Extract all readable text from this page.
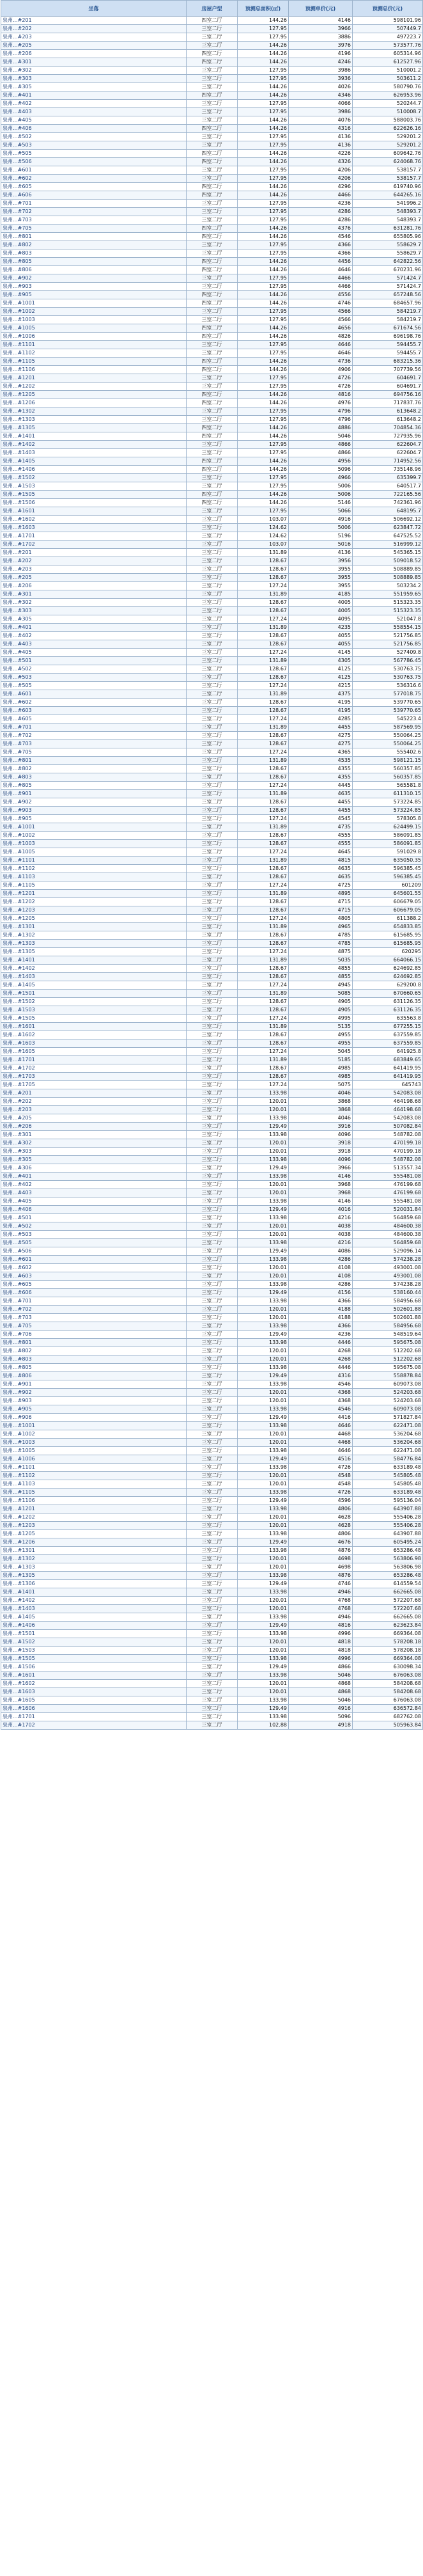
坐落	房屋户型	预测总面积(㎡)	预测单价(元)	预测总价(元)
泉州...#201	四室二厅	144.26	4146	598101.96
泉州...#202	三室二厅	127.95	3966	507449.7
泉州...#203	三室二厅	127.95	3886	497223.7
泉州...#205	三室二厅	144.26	3976	573577.76
泉州...#206	四室二厅	144.26	4196	605314.96
泉州...#301	四室二厅	144.26	4246	612527.96
泉州...#302	三室二厅	127.95	3986	510001.2
泉州...#303	三室二厅	127.95	3936	503611.2
泉州...#305	三室二厅	144.26	4026	580790.76
泉州...#401	四室二厅	144.26	4346	626953.96
泉州...#402	三室二厅	127.95	4066	520244.7
泉州...#403	三室二厅	127.95	3986	510008.7
泉州...#405	三室二厅	144.26	4076	588003.76
泉州...#406	四室二厅	144.26	4316	622626.16
泉州...#502	三室二厅	127.95	4136	529201.2
泉州...#503	三室二厅	127.95	4136	529201.2
泉州...#505	四室二厅	144.26	4226	609642.76
泉州...#506	四室二厅	144.26	4326	624068.76
泉州...#601	三室二厅	127.95	4206	538157.7
泉州...#602	三室二厅	127.95	4206	538157.7
泉州...#605	四室二厅	144.26	4296	619740.96
泉州...#606	四室二厅	144.26	4466	644265.16
泉州...#701	三室二厅	127.95	4236	541996.2
泉州...#702	三室二厅	127.95	4286	548393.7
泉州...#703	三室二厅	127.95	4286	548393.7
泉州...#705	四室二厅	144.26	4376	631281.76
泉州...#801	四室二厅	144.26	4546	655805.96
泉州...#802	三室二厅	127.95	4366	558629.7
泉州...#803	三室二厅	127.95	4366	558629.7
泉州...#805	四室二厅	144.26	4456	642822.56
泉州...#806	四室二厅	144.26	4646	670231.96
泉州...#902	三室二厅	127.95	4466	571424.7
泉州...#903	三室二厅	127.95	4466	571424.7
泉州...#905	四室二厅	144.26	4556	657248.56
泉州...#1001	四室二厅	144.26	4746	684657.96
泉州...#1002	三室二厅	127.95	4566	584219.7
泉州...#1003	三室二厅	127.95	4566	584219.7
泉州...#1005	四室二厅	144.26	4656	671674.56
泉州...#1006	四室二厅	144.26	4826	696198.76
泉州...#1101	三室二厅	127.95	4646	594455.7
泉州...#1102	三室二厅	127.95	4646	594455.7
泉州...#1105	四室二厅	144.26	4736	683215.36
泉州...#1106	四室二厅	144.26	4906	707739.56
泉州...#1201	三室二厅	127.95	4726	604691.7
泉州...#1202	三室二厅	127.95	4726	604691.7
泉州...#1205	四室二厅	144.26	4816	694756.16
泉州...#1206	四室二厅	144.26	4976	717837.76
泉州...#1302	三室二厅	127.95	4796	613648.2
泉州...#1303	三室二厅	127.95	4796	613648.2
泉州...#1305	四室二厅	144.26	4886	704854.36
泉州...#1401	四室二厅	144.26	5046	727935.96
泉州...#1402	三室二厅	127.95	4866	622604.7
泉州...#1403	三室二厅	127.95	4866	622604.7
泉州...#1405	四室二厅	144.26	4956	714952.56
泉州...#1406	四室二厅	144.26	5096	735148.96
泉州...#1502	三室二厅	127.95	4966	635399.7
泉州...#1503	三室二厅	127.95	5006	640517.7
泉州...#1505	四室二厅	144.26	5006	722165.56
泉州...#1506	四室二厅	144.26	5146	742361.96
泉州...#1601	三室二厅	127.95	5066	648195.7
泉州...#1602	三室二厅	103.07	4916	506692.12
泉州...#1603	三室二厅	124.62	5006	623847.72
泉州...#1701	三室二厅	124.62	5196	647525.52
泉州...#1702	三室二厅	103.07	5016	516999.12
泉州...#201	三室二厅	131.89	4136	545365.15
泉州...#202	三室二厅	128.67	3956	509018.52
泉州...#203	三室二厅	128.67	3955	508889.85
泉州...#205	三室二厅	128.67	3955	508889.85
泉州...#206	三室二厅	127.24	3955	503234.2
泉州...#301	三室二厅	131.89	4185	551959.65
泉州...#302	三室二厅	128.67	4005	515323.35
泉州...#303	三室二厅	128.67	4005	515323.35
泉州...#305	三室二厅	127.24	4095	521047.8
泉州...#401	三室二厅	131.89	4235	558554.15
泉州...#402	三室二厅	128.67	4055	521756.85
泉州...#403	三室二厅	128.67	4055	521756.85
泉州...#405	三室二厅	127.24	4145	527409.8
泉州...#501	三室二厅	131.89	4305	567786.45
泉州...#502	三室二厅	128.67	4125	530763.75
泉州...#503	三室二厅	128.67	4125	530763.75
泉州...#505	三室二厅	127.24	4215	536316.6
泉州...#601	三室二厅	131.89	4375	577018.75
泉州...#602	三室二厅	128.67	4195	539770.65
泉州...#603	三室二厅	128.67	4195	539770.65
泉州...#605	三室二厅	127.24	4285	545223.4
泉州...#701	三室二厅	131.89	4455	587569.95
泉州...#702	三室二厅	128.67	4275	550064.25
泉州...#703	三室二厅	128.67	4275	550064.25
泉州...#705	三室二厅	127.24	4365	555402.6
泉州...#801	三室二厅	131.89	4535	598121.15
泉州...#802	三室二厅	128.67	4355	560357.85
泉州...#803	三室二厅	128.67	4355	560357.85
泉州...#805	三室二厅	127.24	4445	565581.8
泉州...#901	三室二厅	131.89	4635	611310.15
泉州...#902	三室二厅	128.67	4455	573224.85
泉州...#903	三室二厅	128.67	4455	573224.85
泉州...#905	三室二厅	127.24	4545	578305.8
泉州...#1001	三室二厅	131.89	4735	624499.15
泉州...#1002	三室二厅	128.67	4555	586091.85
泉州...#1003	三室二厅	128.67	4555	586091.85
泉州...#1005	三室二厅	127.24	4645	591029.8
泉州...#1101	三室二厅	131.89	4815	635050.35
泉州...#1102	三室二厅	128.67	4635	596385.45
泉州...#1103	三室二厅	128.67	4635	596385.45
泉州...#1105	三室二厅	127.24	4725	601209
泉州...#1201	三室二厅	131.89	4895	645601.55
泉州...#1202	三室二厅	128.67	4715	606679.05
泉州...#1203	三室二厅	128.67	4715	606679.05
泉州...#1205	三室二厅	127.24	4805	611388.2
泉州...#1301	三室二厅	131.89	4965	654833.85
泉州...#1302	三室二厅	128.67	4785	615685.95
泉州...#1303	三室二厅	128.67	4785	615685.95
泉州...#1305	三室二厅	127.24	4875	620295
泉州...#1401	三室二厅	131.89	5035	664066.15
泉州...#1402	三室二厅	128.67	4855	624692.85
泉州...#1403	三室二厅	128.67	4855	624692.85
泉州...#1405	三室二厅	127.24	4945	629200.8
泉州...#1501	三室二厅	131.89	5085	670660.65
泉州...#1502	三室二厅	128.67	4905	631126.35
泉州...#1503	三室二厅	128.67	4905	631126.35
泉州...#1505	三室二厅	127.24	4995	635563.8
泉州...#1601	三室二厅	131.89	5135	677255.15
泉州...#1602	三室二厅	128.67	4955	637559.85
泉州...#1603	三室二厅	128.67	4955	637559.85
泉州...#1605	三室二厅	127.24	5045	641925.8
泉州...#1701	三室二厅	131.89	5185	683849.65
泉州...#1702	三室二厅	128.67	4985	641419.95
泉州...#1703	三室二厅	128.67	4985	641419.95
泉州...#1705	三室二厅	127.24	5075	645743
泉州...#201	三室二厅	133.98	4046	542083.08
泉州...#202	三室二厅	120.01	3868	464198.68
泉州...#203	三室二厅	120.01	3868	464198.68
泉州...#205	三室二厅	133.98	4046	542083.08
泉州...#206	三室二厅	129.49	3916	507082.84
泉州...#301	三室二厅	133.98	4096	548782.08
泉州...#302	三室二厅	120.01	3918	470199.18
泉州...#303	三室二厅	120.01	3918	470199.18
泉州...#305	三室二厅	133.98	4096	548782.08
泉州...#306	三室二厅	129.49	3966	513557.34
泉州...#401	三室二厅	133.98	4146	555481.08
泉州...#402	三室二厅	120.01	3968	476199.68
泉州...#403	三室二厅	120.01	3968	476199.68
泉州...#405	三室二厅	133.98	4146	555481.08
泉州...#406	三室二厅	129.49	4016	520031.84
泉州...#501	三室二厅	133.98	4216	564859.68
泉州...#502	三室二厅	120.01	4038	484600.38
泉州...#503	三室二厅	120.01	4038	484600.38
泉州...#505	三室二厅	133.98	4216	564859.68
泉州...#506	三室二厅	129.49	4086	529096.14
泉州...#601	三室二厅	133.98	4286	574238.28
泉州...#602	三室二厅	120.01	4108	493001.08
泉州...#603	三室二厅	120.01	4108	493001.08
泉州...#605	三室二厅	133.98	4286	574238.28
泉州...#606	三室二厅	129.49	4156	538160.44
泉州...#701	三室二厅	133.98	4366	584956.68
泉州...#702	三室二厅	120.01	4188	502601.88
泉州...#703	三室二厅	120.01	4188	502601.88
泉州...#705	三室二厅	133.98	4366	584956.68
泉州...#706	三室二厅	129.49	4236	548519.64
泉州...#801	三室二厅	133.98	4446	595675.08
泉州...#802	三室二厅	120.01	4268	512202.68
泉州...#803	三室二厅	120.01	4268	512202.68
泉州...#805	三室二厅	133.98	4446	595675.08
泉州...#806	三室二厅	129.49	4316	558878.84
泉州...#901	三室二厅	133.98	4546	609073.08
泉州...#902	三室二厅	120.01	4368	524203.68
泉州...#903	三室二厅	120.01	4368	524203.68
泉州...#905	三室二厅	133.98	4546	609073.08
泉州...#906	三室二厅	129.49	4416	571827.84
泉州...#1001	三室二厅	133.98	4646	622471.08
泉州...#1002	三室二厅	120.01	4468	536204.68
泉州...#1003	三室二厅	120.01	4468	536204.68
泉州...#1005	三室二厅	133.98	4646	622471.08
泉州...#1006	三室二厅	129.49	4516	584776.84
泉州...#1101	三室二厅	133.98	4726	633189.48
泉州...#1102	三室二厅	120.01	4548	545805.48
泉州...#1103	三室二厅	120.01	4548	545805.48
泉州...#1105	三室二厅	133.98	4726	633189.48
泉州...#1106	三室二厅	129.49	4596	595136.04
泉州...#1201	三室二厅	133.98	4806	643907.88
泉州...#1202	三室二厅	120.01	4628	555406.28
泉州...#1203	三室二厅	120.01	4628	555406.28
泉州...#1205	三室二厅	133.98	4806	643907.88
泉州...#1206	三室二厅	129.49	4676	605495.24
泉州...#1301	三室二厅	133.98	4876	653286.48
泉州...#1302	三室二厅	120.01	4698	563806.98
泉州...#1303	三室二厅	120.01	4698	563806.98
泉州...#1305	三室二厅	133.98	4876	653286.48
泉州...#1306	三室二厅	129.49	4746	614559.54
泉州...#1401	三室二厅	133.98	4946	662665.08
泉州...#1402	三室二厅	120.01	4768	572207.68
泉州...#1403	三室二厅	120.01	4768	572207.68
泉州...#1405	三室二厅	133.98	4946	662665.08
泉州...#1406	三室二厅	129.49	4816	623623.84
泉州...#1501	三室二厅	133.98	4996	669364.08
泉州...#1502	三室二厅	120.01	4818	578208.18
泉州...#1503	三室二厅	120.01	4818	578208.18
泉州...#1505	三室二厅	133.98	4996	669364.08
泉州...#1506	三室二厅	129.49	4866	630098.34
泉州...#1601	三室二厅	133.98	5046	676063.08
泉州...#1602	三室二厅	120.01	4868	584208.68
泉州...#1603	三室二厅	120.01	4868	584208.68
泉州...#1605	三室二厅	133.98	5046	676063.08
泉州...#1606	三室二厅	129.49	4916	636572.84
泉州...#1701	三室二厅	133.98	5096	682762.08
泉州...#1702	三室二厅	102.88	4918	505963.84
